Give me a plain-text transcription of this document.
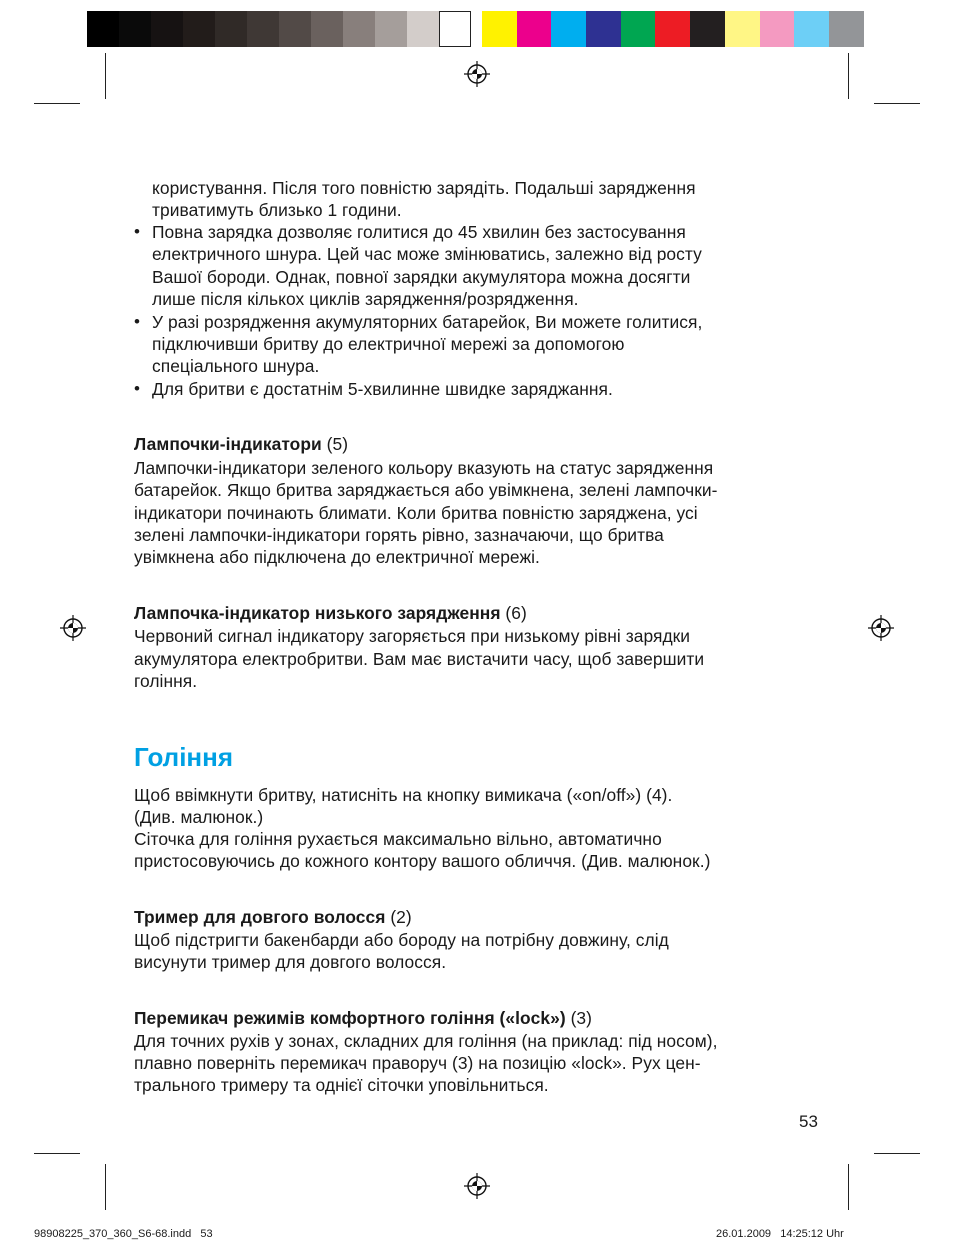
користування. Після того повністю зарядіть. Подальші зарядження
триватимуть близько 1 години.
• Повна зарядка дозволяє голитися до 45 хвилин без застосування
електричного шнура. Цей час може змінюватись, залежно від росту
Вашої бороди. Однак, повної зарядки акумулятора можна досягти
лише після кількох циклів зарядження/розрядження.
• У разі розрядження акумуляторних батарейок, Ви можете голитися,
підключивши бритву до електричної мережі за допомогою
спеціального шнура.
• Для бритви є достатнім 5-хвилинне швидке заряджання.
Лампочки-індикатори (5)
Лампочки-індикатори зеленого кольору вказують на статус зарядження
батарейок. Якщо бритва заряджається або увімкнена, зелені лампочки-
індикатори починають блимати. Коли бритва повністю заряджена, усі
зелені лампочки-індикатори горять рівно, зазначаючи, що бритва
увімкнена або підключена до електричної мережі.
Лампочка-індикатор низького зарядження (6)
Червоний сигнал індикатору загоряється при низькому рівні зарядки
акумулятора електробритви. Вам має вистачити часу, щоб завершити
гоління.
Гоління
Щоб ввімкнути бритву, натисніть на кнопку вимикача («on/off») (4).
(Див. малюнок.)
Сіточка для гоління рухається максимально вільно, автоматично
пристосовуючись до кожного контору вашого обличчя. (Див. малюнок.)
Тример для довгого волосся (2)
Щоб підстригти бакенбарди або бороду на потрібну довжину, слід
висунути тример для довгого волосся.
Перемикач режимів комфортного гоління («lock») (3)
Для точних рухів у зонах, складних для гоління (на приклад: під носом),
плавно поверніть перемикач праворуч (3) на позицію «lock». Рух цен-
трального тримеру та однієї сіточки уповільниться.
53
98908225_370_360_S6-68.indd   53	26.01.2009   14:25:12 Uhr
